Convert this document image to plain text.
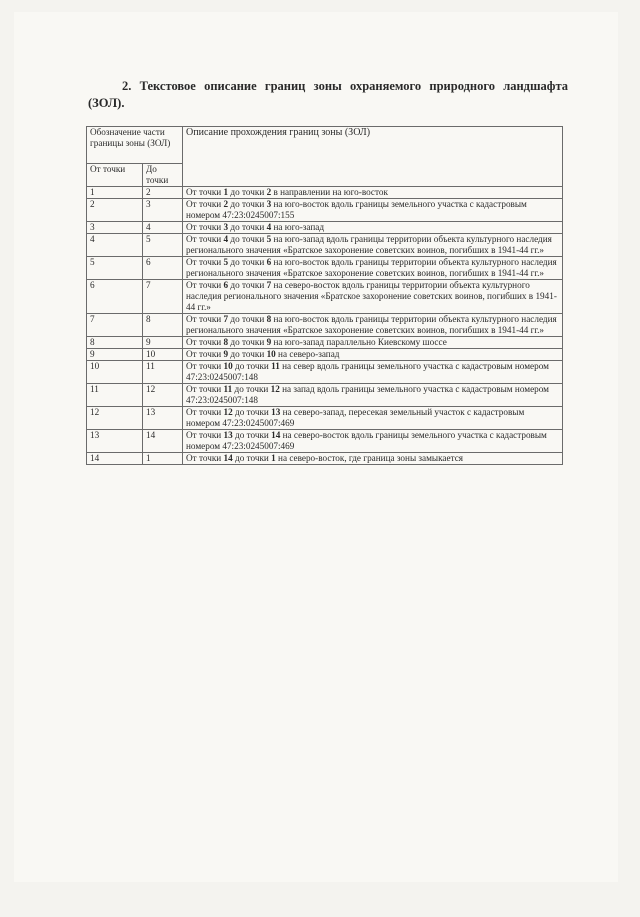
2. Текстовое описание границ зоны охраняемого природного ландшафта (ЗОЛ).
Обозначение части границы зоны (ЗОЛ)		Описание прохождения границ зоны (ЗОЛ)
От точки	До точки	
1	2	От точки 1 до точки 2 в направлении на юго-восток
2	3	От точки 2 до точки 3 на юго-восток вдоль границы земельного участка с кадастровым номером 47:23:0245007:155
3	4	От точки 3 до точки 4 на юго-запад
4	5	От точки 4 до точки 5 на юго-запад вдоль границы территории объекта культурного наследия регионального значения «Братское захоронение советских воинов, погибших в 1941-44 гг.»
5	6	От точки 5 до точки 6 на юго-восток вдоль границы территории объекта культурного наследия регионального значения «Братское захоронение советских воинов, погибших в 1941-44 гг.»
6	7	От точки 6 до точки 7 на северо-восток вдоль границы территории объекта культурного наследия регионального значения «Братское захоронение советских воинов, погибших в 1941-44 гг.»
7	8	От точки 7 до точки 8 на юго-восток вдоль границы территории объекта культурного наследия регионального значения «Братское захоронение советских воинов, погибших в 1941-44 гг.»
8	9	От точки 8 до точки 9 на юго-запад параллельно Киевскому шоссе
9	10	От точки 9 до точки 10 на северо-запад
10	11	От точки 10 до точки 11 на север вдоль границы земельного участка с кадастровым номером 47:23:0245007:148
11	12	От точки 11 до точки 12 на запад вдоль границы земельного участка с кадастровым номером 47:23:0245007:148
12	13	От точки 12 до точки 13 на северо-запад, пересекая земельный участок с кадастровым номером 47:23:0245007:469
13	14	От точки 13 до точки 14 на северо-восток вдоль границы земельного участка с кадастровым номером 47:23:0245007:469
14	1	От точки 14 до точки 1 на северо-восток, где граница зоны замыкается
